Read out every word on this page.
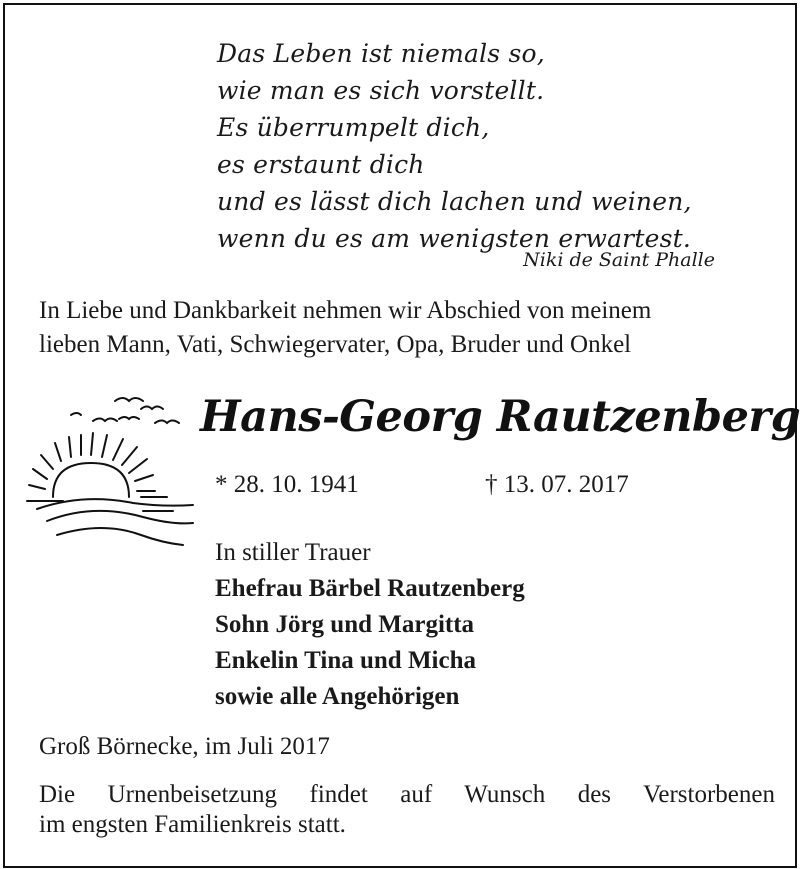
Das Leben ist niemals so,
wie man es sich vorstellt.
Es überrumpelt dich,
es erstaunt dich
und es lässt dich lachen und weinen,
wenn du es am wenigsten erwartest.
Niki de Saint Phalle
In Liebe und Dankbarkeit nehmen wir Abschied von meinem
lieben Mann, Vati, Schwiegervater, Opa, Bruder und Onkel
Hans-Georg Rautzenberg
* 28. 10. 1941	† 13. 07. 2017
In stiller Trauer
Ehefrau Bärbel Rautzenberg
Sohn Jörg und Margitta
Enkelin Tina und Micha
sowie alle Angehörigen
Groß Börnecke, im Juli 2017
Die Urnenbeisetzung findet auf Wunsch des Verstorbenen
im engsten Familienkreis statt.
